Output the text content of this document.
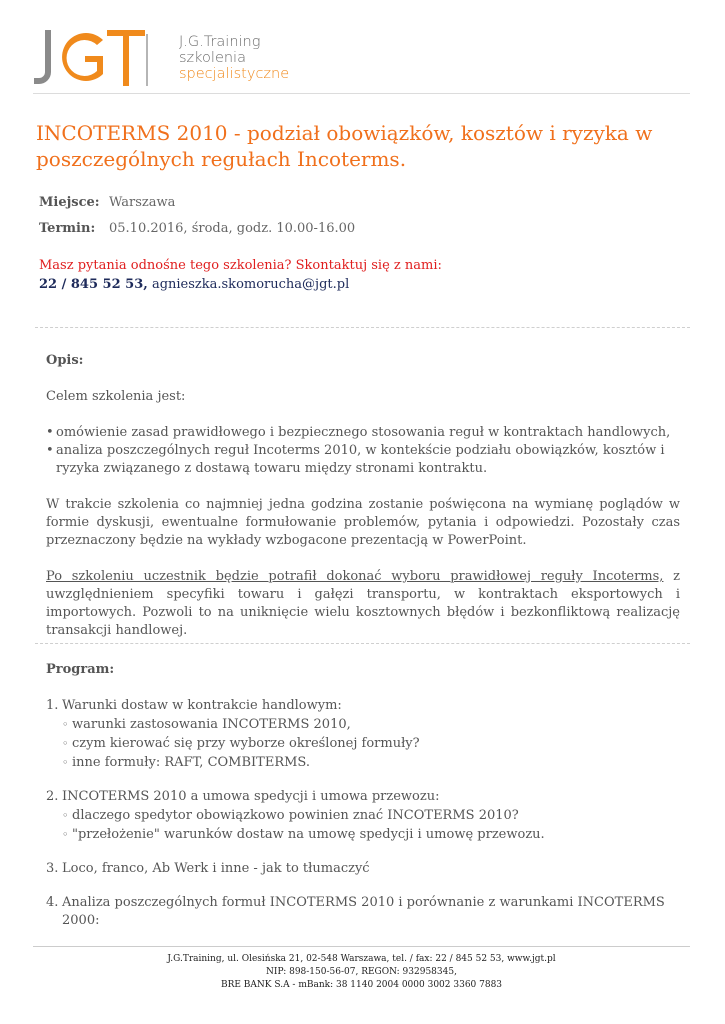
J.G.Training
szkolenia
specjalistyczne
INCOTERMS 2010 - podział obowiązków, kosztów i ryzyka w poszczególnych regułach Incoterms.
Miejsce: Warszawa
Termin: 05.10.2016, środa, godz. 10.00-16.00
Masz pytania odnośne tego szkolenia? Skontaktuj się z nami:
22 / 845 52 53, agnieszka.skomorucha@jgt.pl

Opis:

Celem szkolenia jest:

• omówienie zasad prawidłowego i bezpiecznego stosowania reguł w kontraktach handlowych,
• analiza poszczególnych reguł Incoterms 2010, w kontekście podziału obowiązków, kosztów i ryzyka związanego z dostawą towaru między stronami kontraktu.

W trakcie szkolenia co najmniej jedna godzina zostanie poświęcona na wymianę poglądów w formie dyskusji, ewentualne formułowanie problemów, pytania i odpowiedzi. Pozostały czas przeznaczony będzie na wykłady wzbogacone prezentacją w PowerPoint.

Po szkoleniu uczestnik będzie potrafił dokonać wyboru prawidłowej reguły Incoterms, z uwzględnieniem specyfiki towaru i gałęzi transportu, w kontraktach eksportowych i importowych. Pozwoli to na uniknięcie wielu kosztownych błędów i bezkonfliktową realizację transakcji handlowej.

Program:

1. Warunki dostaw w kontrakcie handlowym:
◦ warunki zastosowania INCOTERMS 2010,
◦ czym kierować się przy wyborze określonej formuły?
◦ inne formuły: RAFT, COMBITERMS.
2. INCOTERMS 2010 a umowa spedycji i umowa przewozu:
◦ dlaczego spedytor obowiązkowo powinien znać INCOTERMS 2010?
◦ "przełożenie" warunków dostaw na umowę spedycji i umowę przewozu.
3. Loco, franco, Ab Werk i inne - jak to tłumaczyć
4. Analiza poszczególnych formuł INCOTERMS 2010 i porównanie z warunkami INCOTERMS 2000:
J.G.Training, ul. Olesińska 21, 02-548 Warszawa, tel. / fax: 22 / 845 52 53, www.jgt.pl
NIP: 898-150-56-07, REGON: 932958345,
BRE BANK S.A - mBank: 38 1140 2004 0000 3002 3360 7883
